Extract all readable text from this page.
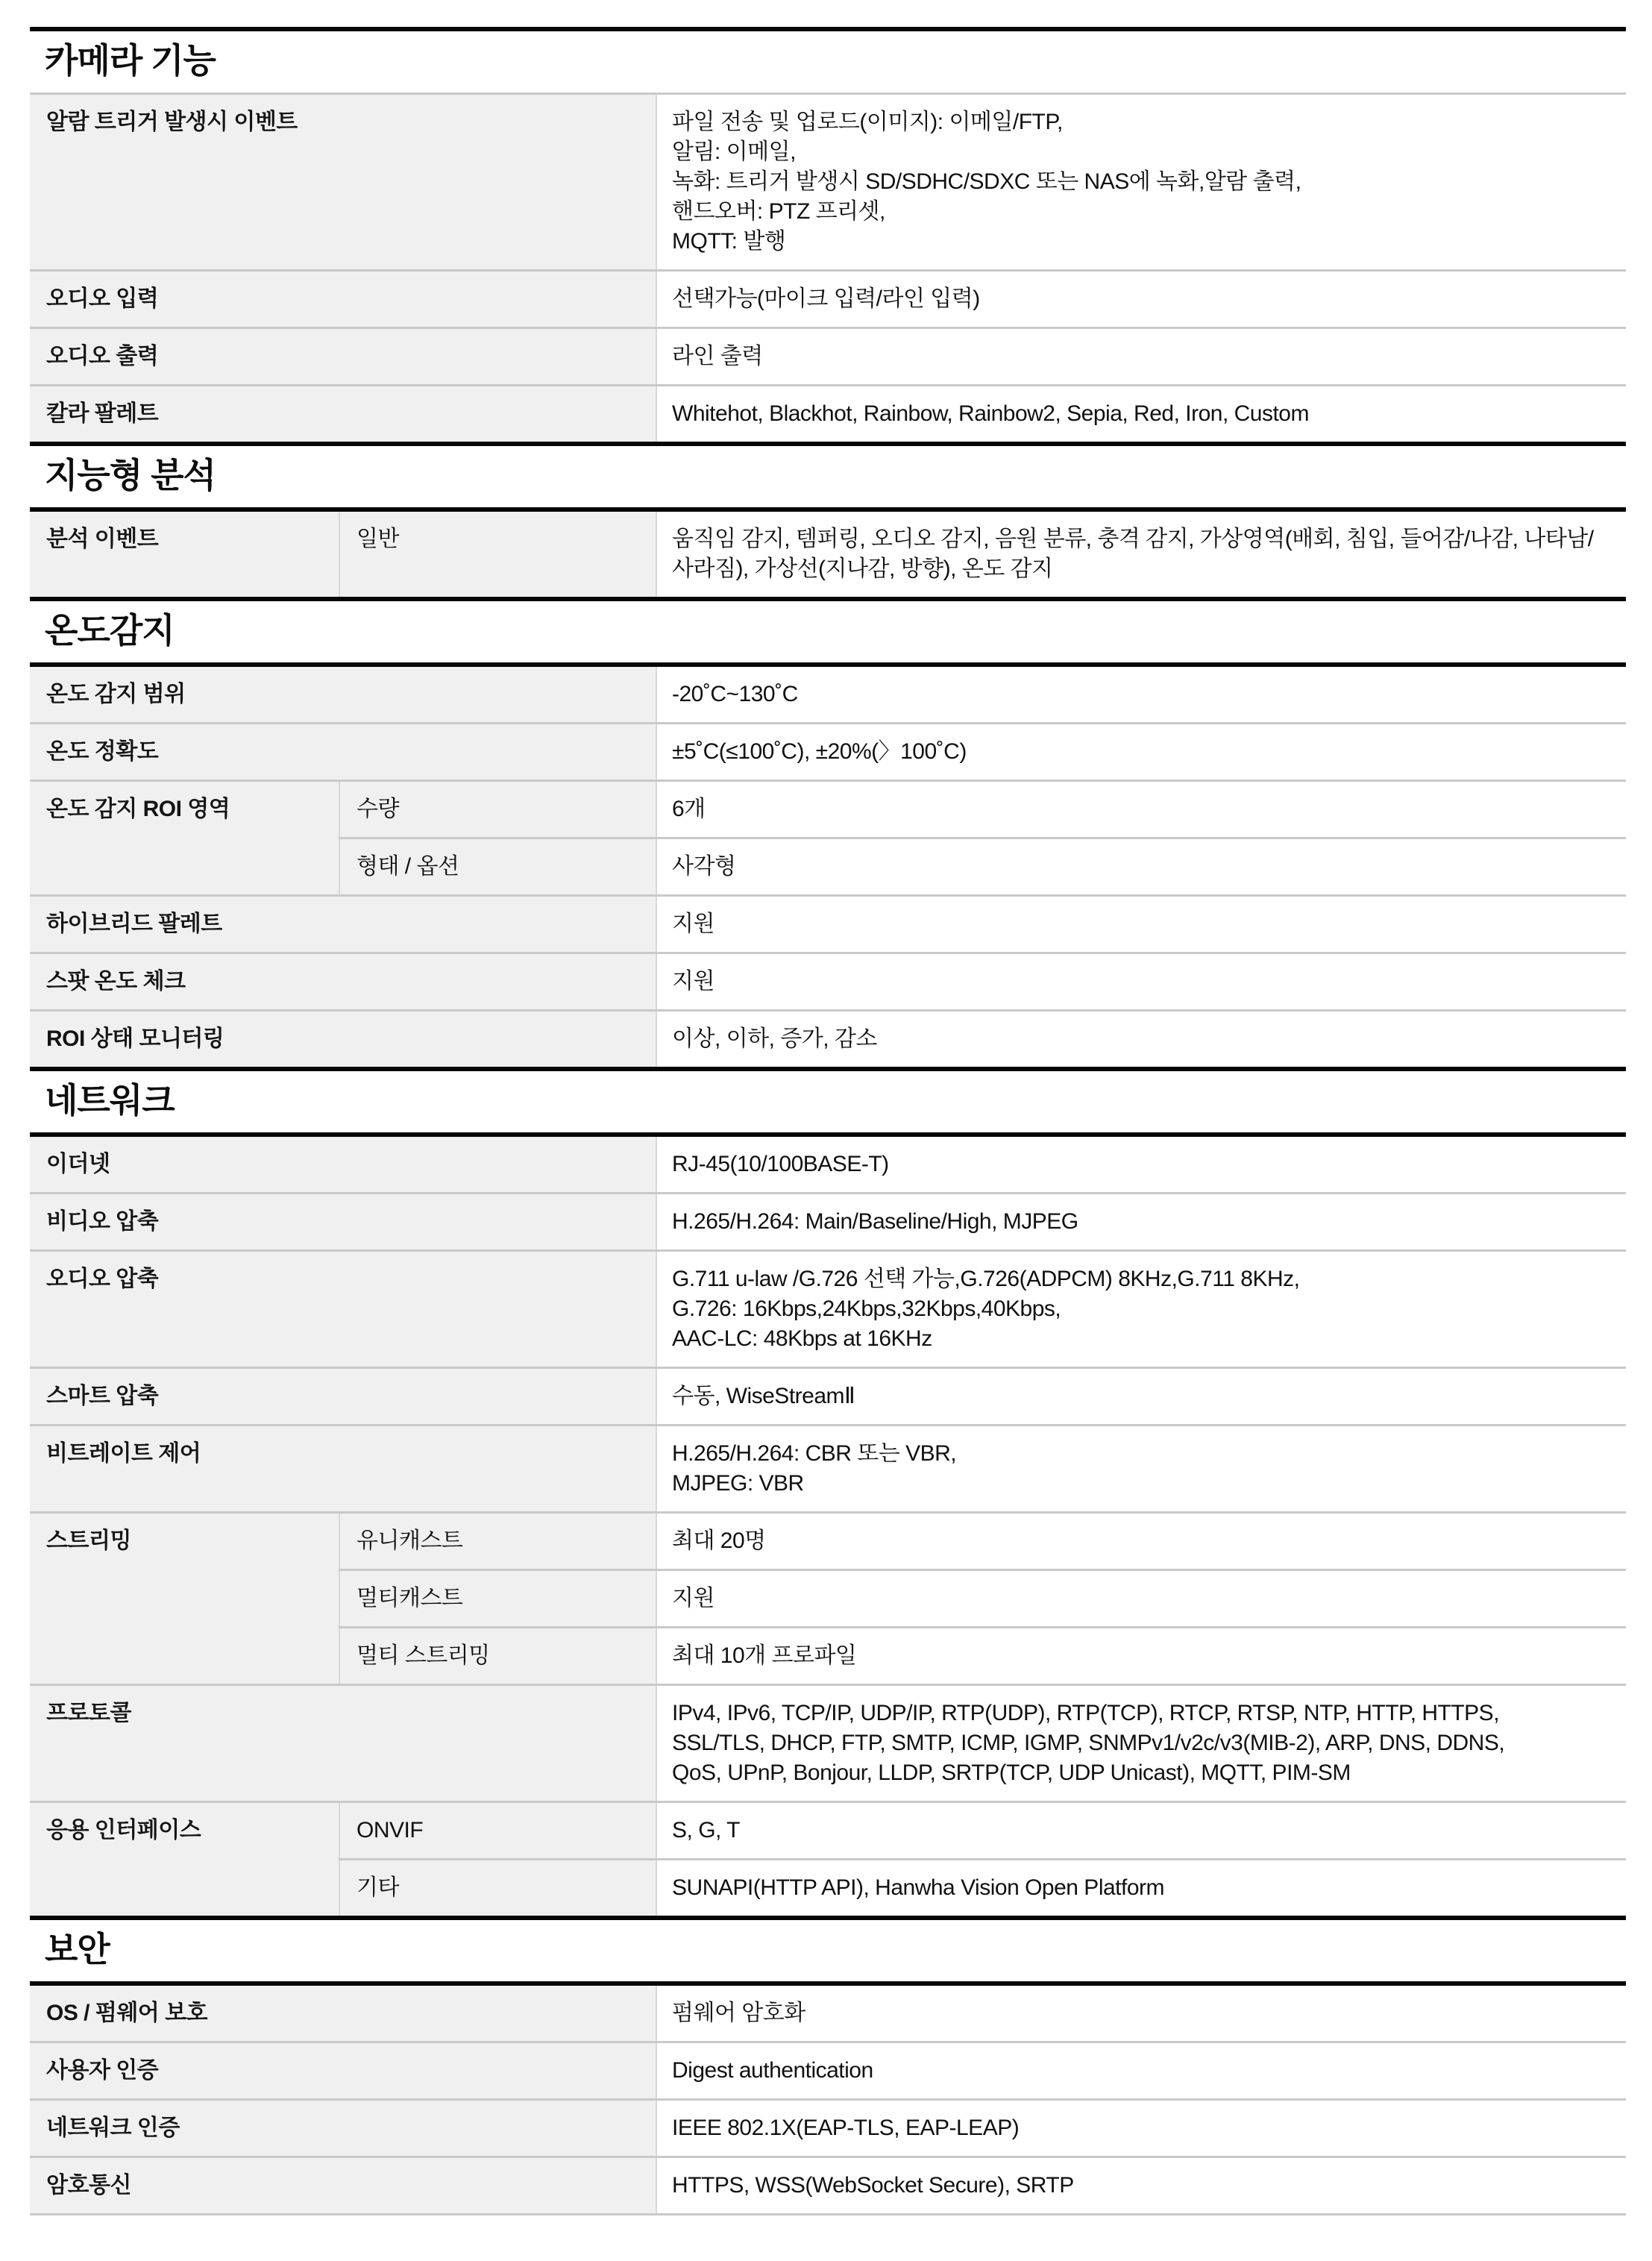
카메라 기능
알람 트리거 발생시 이벤트	파일 전송 및 업로드(이미지): 이메일/FTP,
알림: 이메일,
녹화: 트리거 발생시 SD/SDHC/SDXC 또는 NAS에 녹화,알람 출력,
핸드오버: PTZ 프리셋,
MQTT: 발행

오디오 입력	선택가능(마이크 입력/라인 입력)

오디오 출력	라인 출력

칼라 팔레트	Whitehot, Blackhot, Rainbow, Rainbow2, Sepia, Red, Iron, Custom
지능형 분석
분석 이벤트	일반	움직임 감지, 템퍼링, 오디오 감지, 음원 분류, 충격 감지, 가상영역(배회, 침입, 들어감/나감, 나타남/사라짐), 가상선(지나감, 방향), 온도 감지
온도감지
온도 감지 범위		-20˚C~130˚C

온도 정확도		±5˚C(≤100˚C), ±20%(〉100˚C)

온도 감지 ROI 영역	수량	6개

	형태 / 옵션	사각형

하이브리드 팔레트		지원

스팟 온도 체크		지원

ROI 상태 모니터링		이상, 이하, 증가, 감소
네트워크
이더넷		RJ-45(10/100BASE-T)

비디오 압축		H.265/H.264: Main/Baseline/High, MJPEG

오디오 압축		G.711 u-law /G.726 선택 가능,G.726(ADPCM) 8KHz,G.711 8KHz,
G.726: 16Kbps,24Kbps,32Kbps,40Kbps,
AAC-LC: 48Kbps at 16KHz

스마트 압축		수동, WiseStreamⅡ

비트레이트 제어		H.265/H.264: CBR 또는 VBR,
MJPEG: VBR

스트리밍	유니캐스트	최대 20명

	멀티캐스트	지원

	멀티 스트리밍	최대 10개 프로파일

프로토콜		IPv4, IPv6, TCP/IP, UDP/IP, RTP(UDP), RTP(TCP), RTCP, RTSP, NTP, HTTP, HTTPS,
SSL/TLS, DHCP, FTP, SMTP, ICMP, IGMP, SNMPv1/v2c/v3(MIB-2), ARP, DNS, DDNS,
QoS, UPnP, Bonjour, LLDP, SRTP(TCP, UDP Unicast), MQTT, PIM-SM

응용 인터페이스	ONVIF	S, G, T

	기타	SUNAPI(HTTP API), Hanwha Vision Open Platform
보안
OS / 펌웨어 보호	펌웨어 암호화

사용자 인증	Digest authentication

네트워크 인증	IEEE 802.1X(EAP-TLS, EAP-LEAP)

암호통신	HTTPS, WSS(WebSocket Secure), SRTP
